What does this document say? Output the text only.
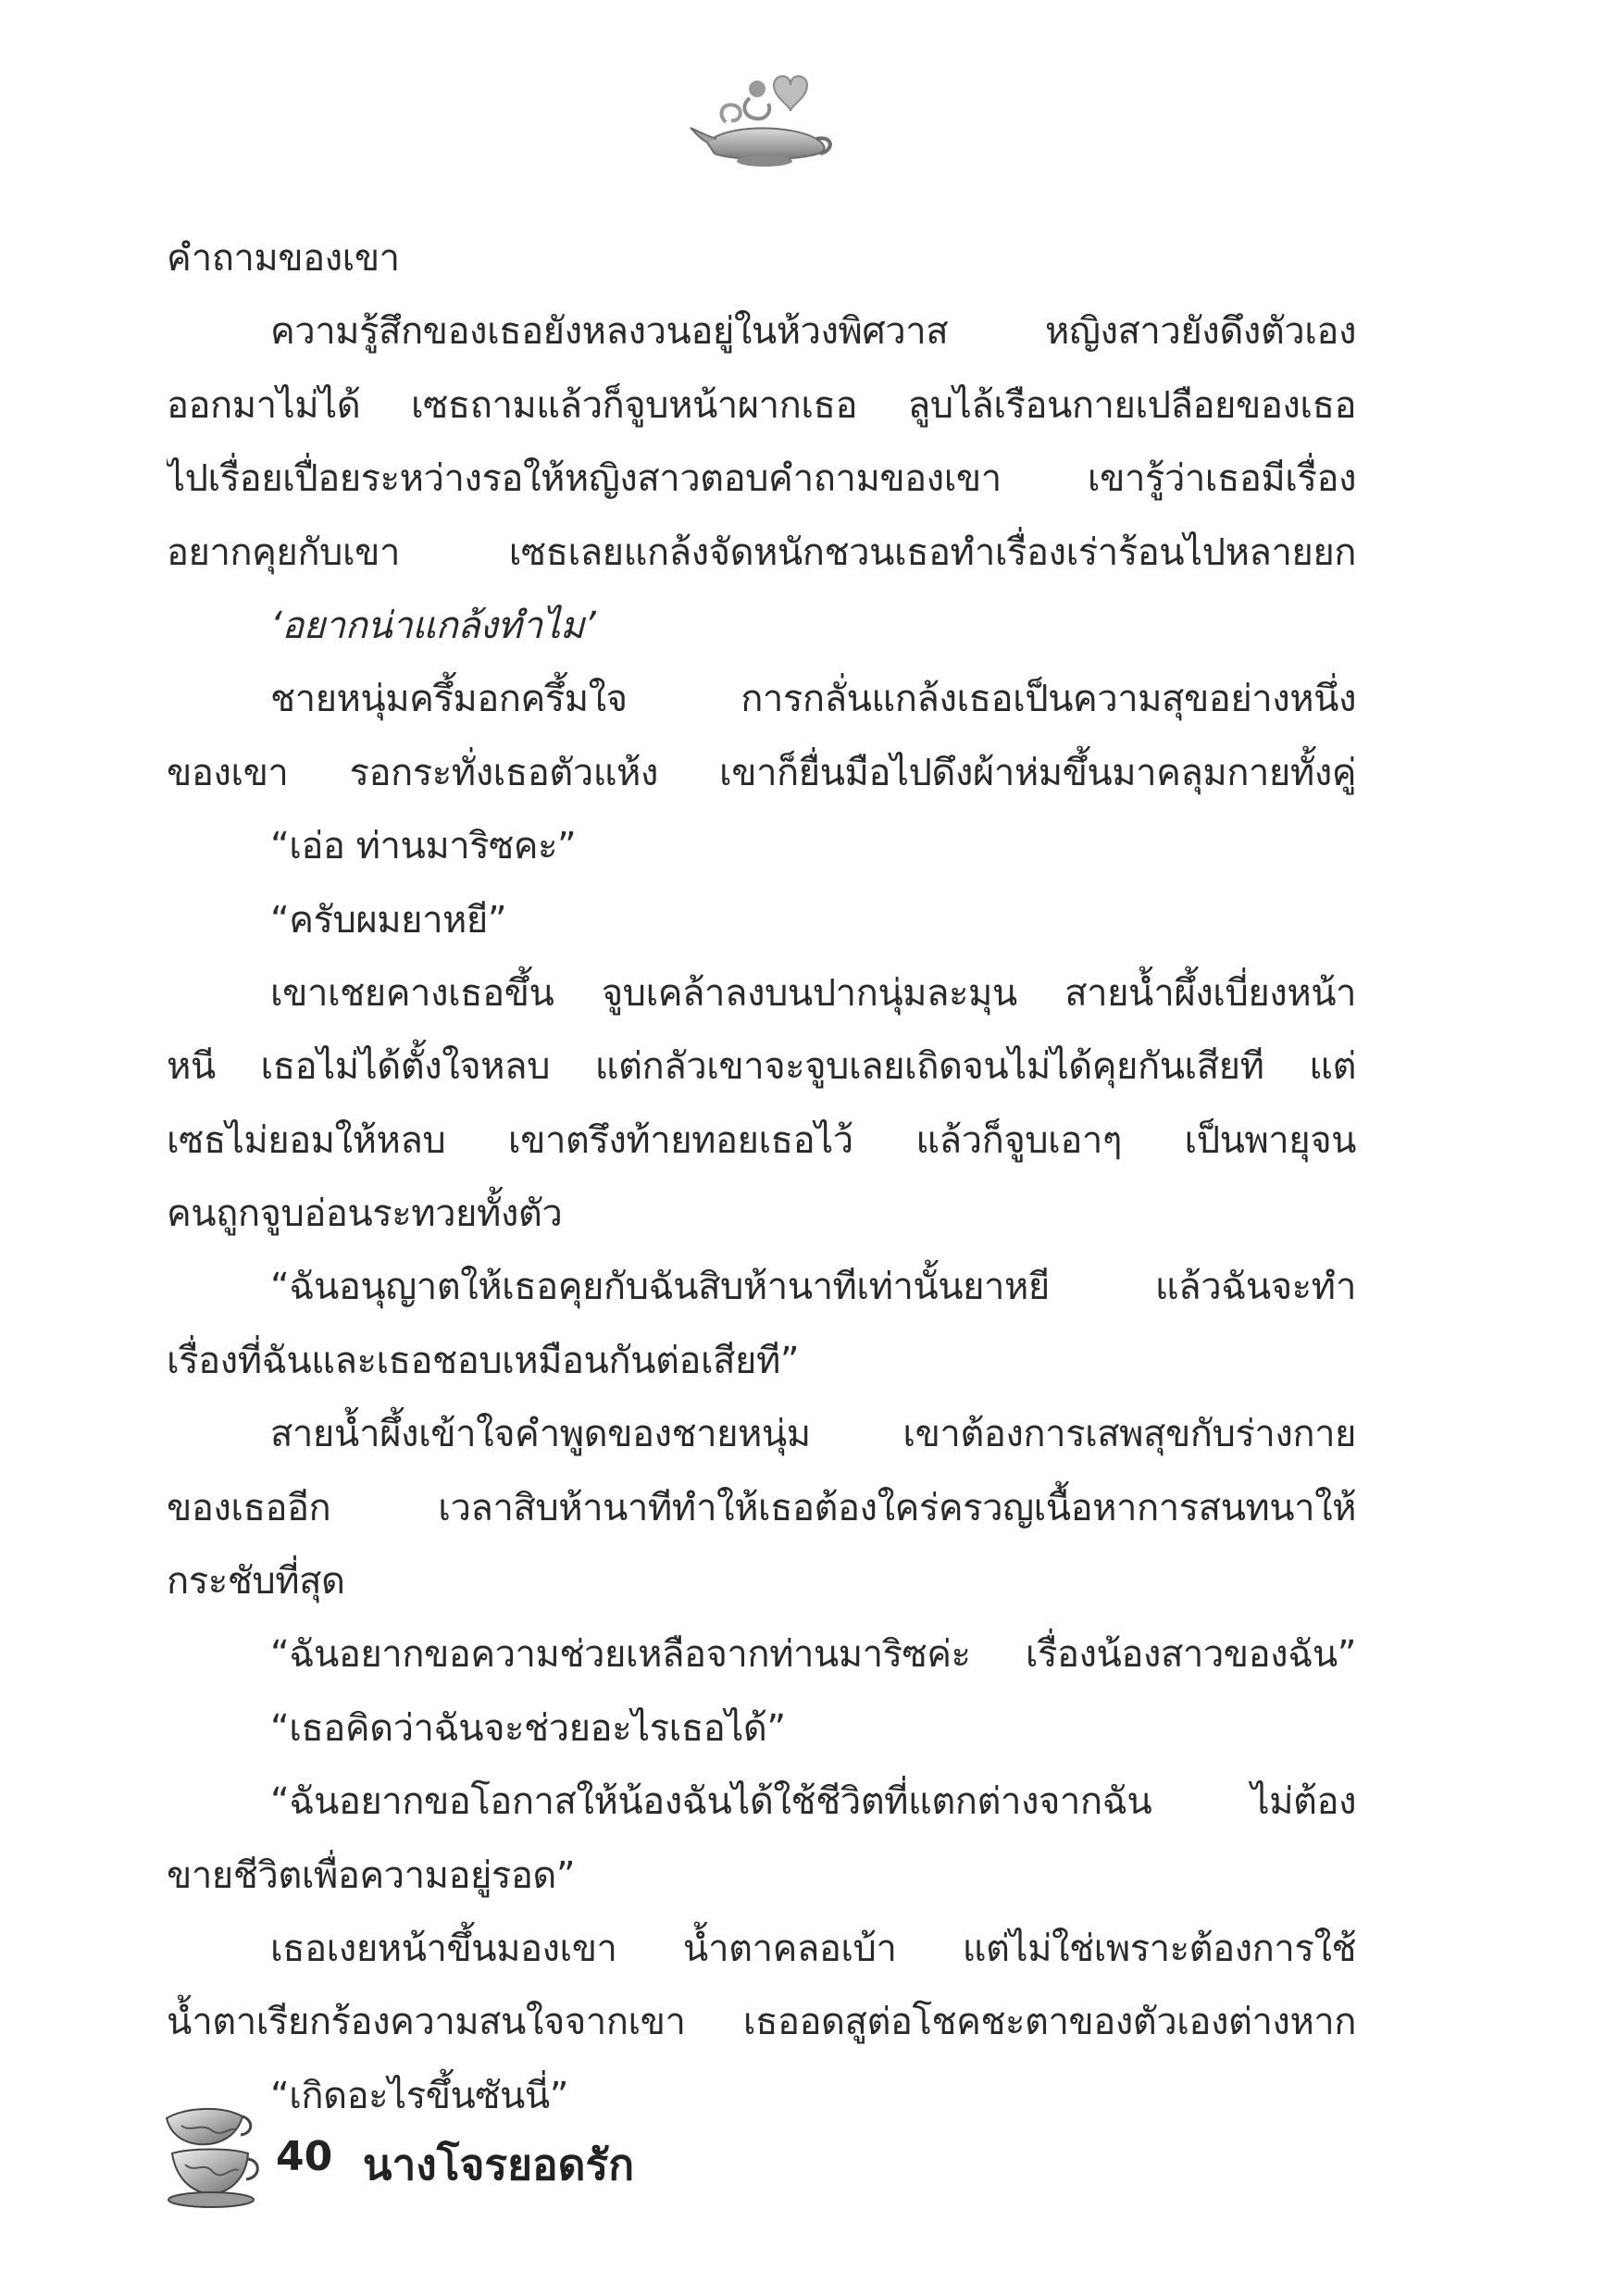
คำถามของเขา
ความรู้สึกของเธอยังหลงวนอยู่ในห้วงพิศวาส หญิงสาวยังดึงตัวเอง
ออกมาไม่ได้ เซธถามแล้วก็จูบหน้าผากเธอ ลูบไล้เรือนกายเปลือยของเธอ
ไปเรื่อยเปื่อยระหว่างรอให้หญิงสาวตอบคำถามของเขา เขารู้ว่าเธอมีเรื่อง
อยากคุยกับเขา เซธเลยแกล้งจัดหนักชวนเธอทำเรื่องเร่าร้อนไปหลายยก
‘อยากน่าแกล้งทำไม’
ชายหนุ่มครึ้มอกครึ้มใจ การกลั่นแกล้งเธอเป็นความสุขอย่างหนึ่ง
ของเขา รอกระทั่งเธอตัวแห้ง เขาก็ยื่นมือไปดึงผ้าห่มขึ้นมาคลุมกายทั้งคู่
“เอ่อ ท่านมาริซคะ”
“ครับผมยาหยี”
เขาเชยคางเธอขึ้น จูบเคล้าลงบนปากนุ่มละมุน สายน้ำผึ้งเบี่ยงหน้า
หนี เธอไม่ได้ตั้งใจหลบ แต่กลัวเขาจะจูบเลยเถิดจนไม่ได้คุยกันเสียที แต่
เซธไม่ยอมให้หลบ เขาตรึงท้ายทอยเธอไว้ แล้วก็จูบเอาๆ เป็นพายุจน
คนถูกจูบอ่อนระทวยทั้งตัว
“ฉันอนุญาตให้เธอคุยกับฉันสิบห้านาทีเท่านั้นยาหยี แล้วฉันจะทำ
เรื่องที่ฉันและเธอชอบเหมือนกันต่อเสียที”
สายน้ำผึ้งเข้าใจคำพูดของชายหนุ่ม เขาต้องการเสพสุขกับร่างกาย
ของเธออีก เวลาสิบห้านาทีทำให้เธอต้องใคร่ครวญเนื้อหาการสนทนาให้
กระชับที่สุด
“ฉันอยากขอความช่วยเหลือจากท่านมาริซค่ะ เรื่องน้องสาวของฉัน”
“เธอคิดว่าฉันจะช่วยอะไรเธอได้”
“ฉันอยากขอโอกาสให้น้องฉันได้ใช้ชีวิตที่แตกต่างจากฉัน ไม่ต้อง
ขายชีวิตเพื่อความอยู่รอด”
เธอเงยหน้าขึ้นมองเขา น้ำตาคลอเบ้า แต่ไม่ใช่เพราะต้องการใช้
น้ำตาเรียกร้องความสนใจจากเขา เธออดสูต่อโชคชะตาของตัวเองต่างหาก
“เกิดอะไรขึ้นซันนี่”
40 นางโจรยอดรัก
